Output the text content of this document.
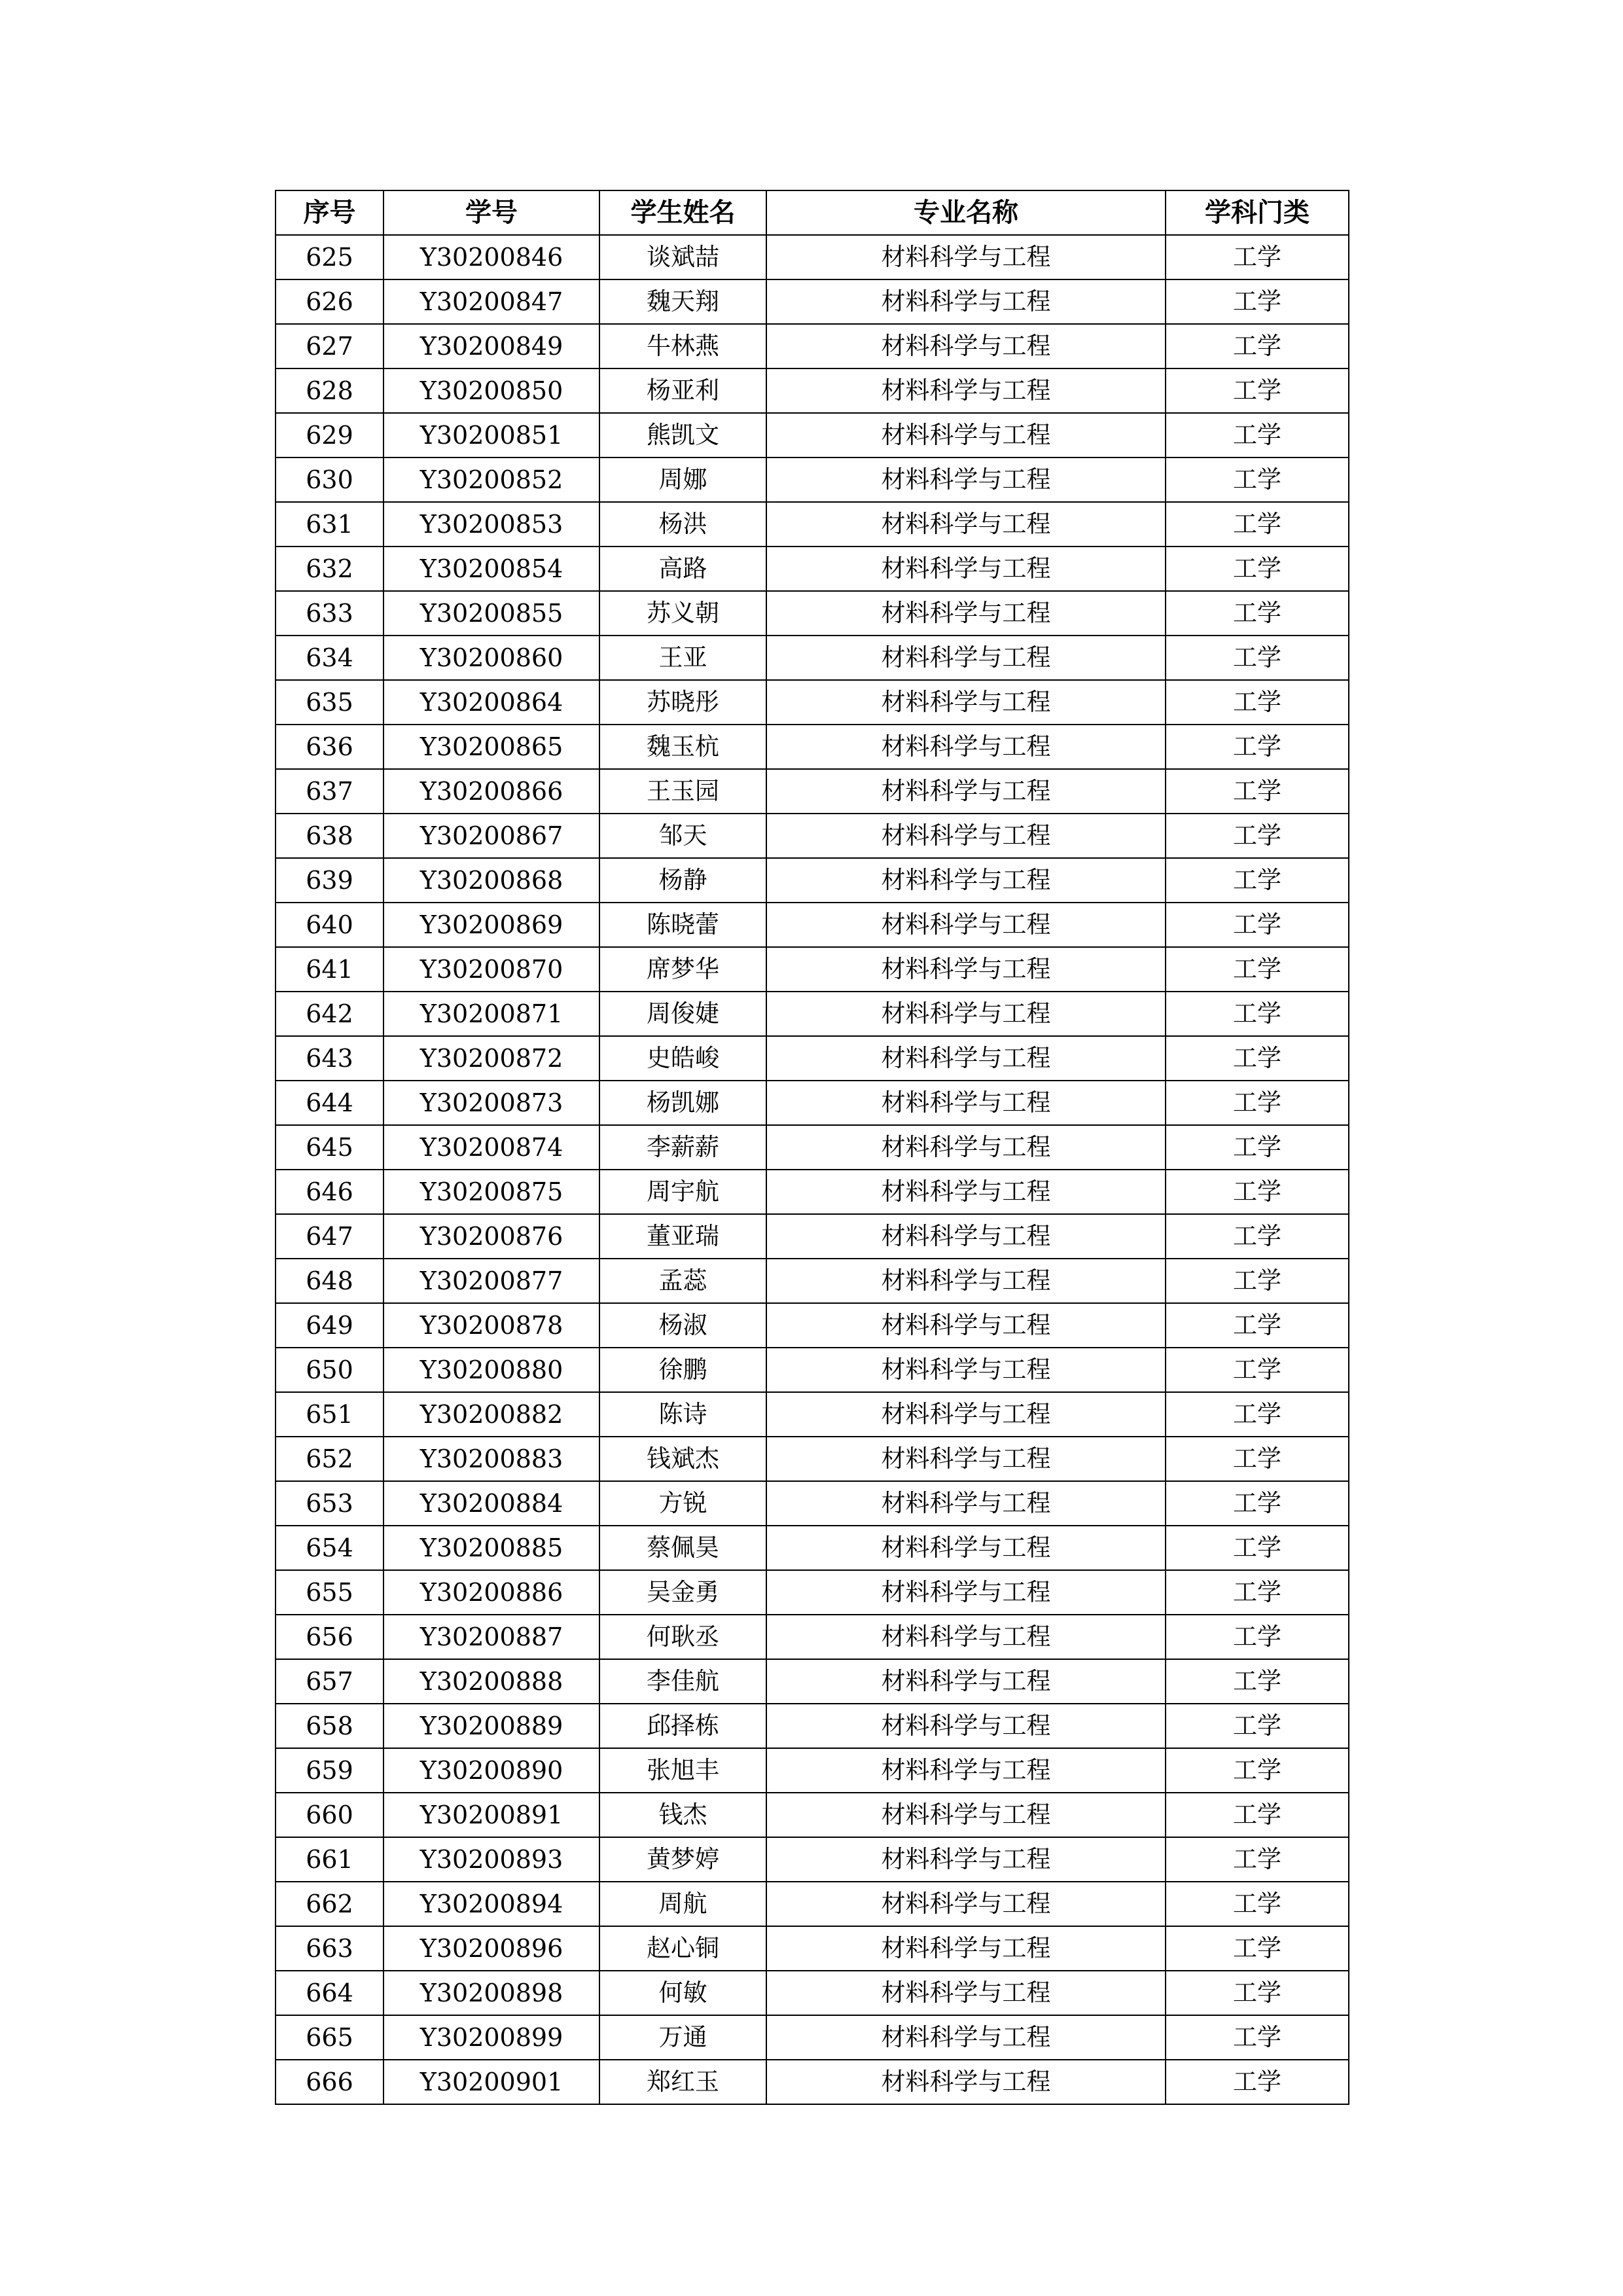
序号	学号	学生姓名	专业名称	学科门类
625	Y30200846	谈斌喆	材料科学与工程	工学
626	Y30200847	魏天翔	材料科学与工程	工学
627	Y30200849	牛林燕	材料科学与工程	工学
628	Y30200850	杨亚利	材料科学与工程	工学
629	Y30200851	熊凯文	材料科学与工程	工学
630	Y30200852	周娜	材料科学与工程	工学
631	Y30200853	杨洪	材料科学与工程	工学
632	Y30200854	高路	材料科学与工程	工学
633	Y30200855	苏义朝	材料科学与工程	工学
634	Y30200860	王亚	材料科学与工程	工学
635	Y30200864	苏晓彤	材料科学与工程	工学
636	Y30200865	魏玉杭	材料科学与工程	工学
637	Y30200866	王玉园	材料科学与工程	工学
638	Y30200867	邹天	材料科学与工程	工学
639	Y30200868	杨静	材料科学与工程	工学
640	Y30200869	陈晓蕾	材料科学与工程	工学
641	Y30200870	席梦华	材料科学与工程	工学
642	Y30200871	周俊婕	材料科学与工程	工学
643	Y30200872	史皓峻	材料科学与工程	工学
644	Y30200873	杨凯娜	材料科学与工程	工学
645	Y30200874	李薪薪	材料科学与工程	工学
646	Y30200875	周宇航	材料科学与工程	工学
647	Y30200876	董亚瑞	材料科学与工程	工学
648	Y30200877	孟蕊	材料科学与工程	工学
649	Y30200878	杨淑	材料科学与工程	工学
650	Y30200880	徐鹏	材料科学与工程	工学
651	Y30200882	陈诗	材料科学与工程	工学
652	Y30200883	钱斌杰	材料科学与工程	工学
653	Y30200884	方锐	材料科学与工程	工学
654	Y30200885	蔡佩昊	材料科学与工程	工学
655	Y30200886	吴金勇	材料科学与工程	工学
656	Y30200887	何耿丞	材料科学与工程	工学
657	Y30200888	李佳航	材料科学与工程	工学
658	Y30200889	邱择栋	材料科学与工程	工学
659	Y30200890	张旭丰	材料科学与工程	工学
660	Y30200891	钱杰	材料科学与工程	工学
661	Y30200893	黄梦婷	材料科学与工程	工学
662	Y30200894	周航	材料科学与工程	工学
663	Y30200896	赵心铜	材料科学与工程	工学
664	Y30200898	何敏	材料科学与工程	工学
665	Y30200899	万通	材料科学与工程	工学
666	Y30200901	郑红玉	材料科学与工程	工学
